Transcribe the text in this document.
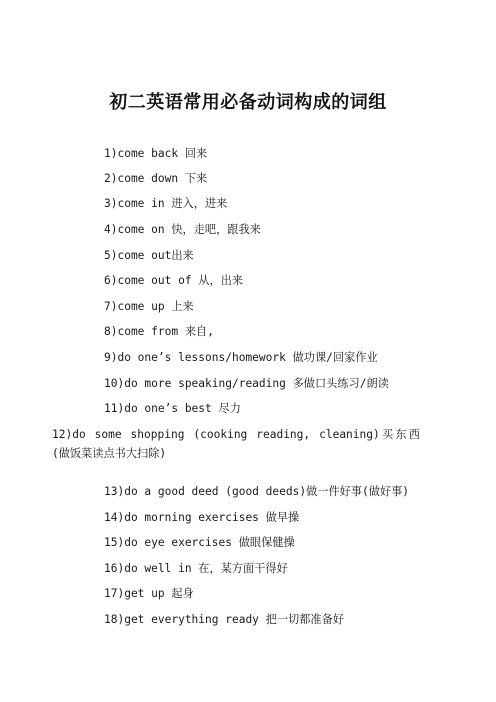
初二英语常用必备动词构成的词组
1)come back 回来
2)come down 下来
3)come in 进入，进来
4)come on 快，走吧，跟我来
5)come out出来
6)come out of 从，出来
7)come up 上来
8)come from 来自,
9)do one’s lessons/homework 做功课/回家作业
10)do more speaking/reading 多做口头练习/朗读
11)do one’s best 尽力
12)do some shopping (cooking reading, cleaning)买东西(做饭菜读点书大扫除)
13)do a good deed (good deeds)做一件好事(做好事)
14)do morning exercises 做早操
15)do eye exercises 做眼保健操
16)do well in 在，某方面干得好
17)get up 起身
18)get everything ready 把一切都准备好
